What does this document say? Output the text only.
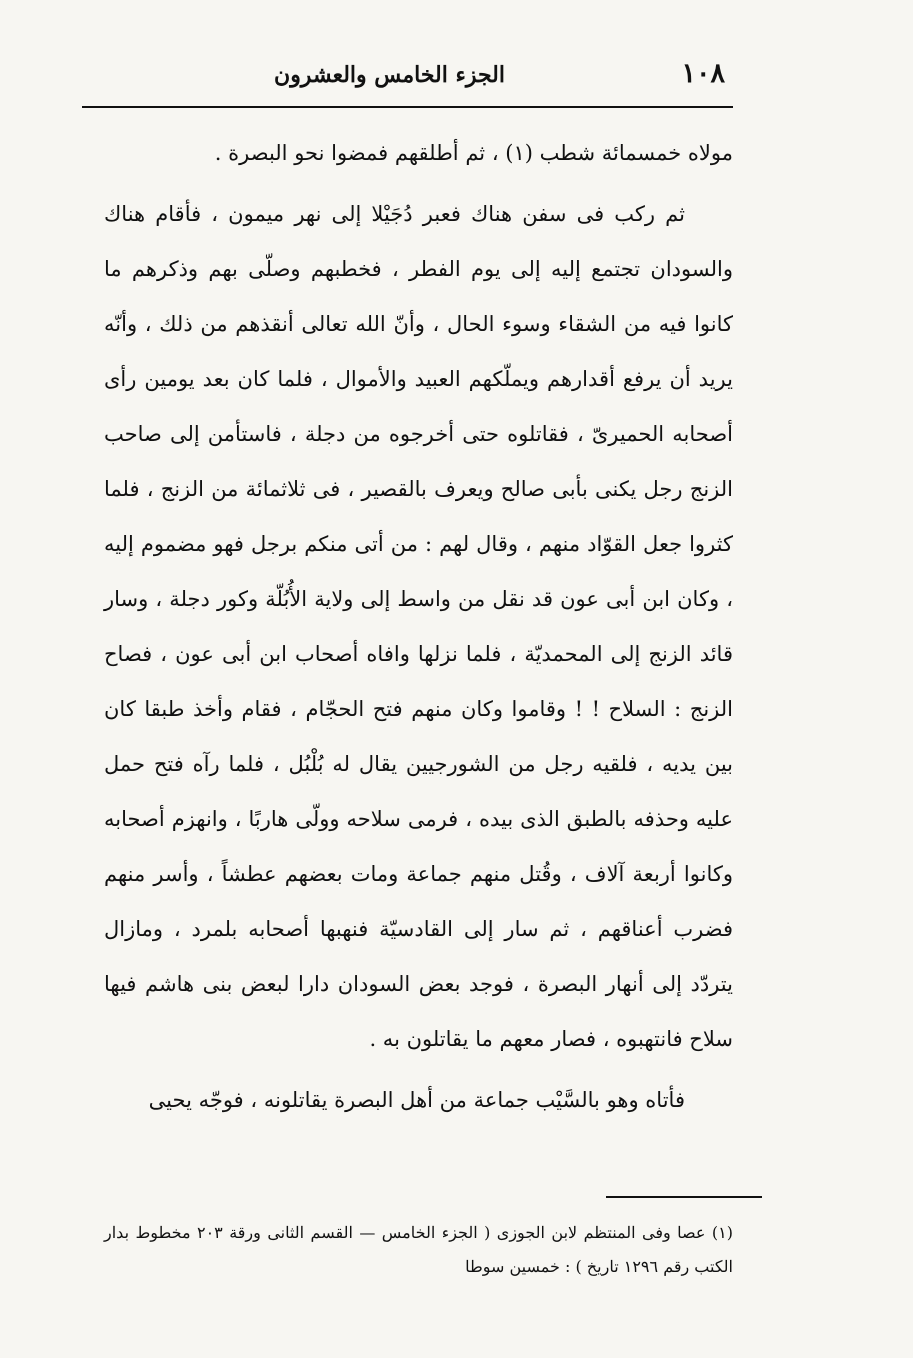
١٠٨
الجزء الخامس والعشرون

مولاه خمسمائة شطب (١) ، ثم أطلقهم فمضوا نحو البصرة .

ثم ركب فى سفن هناك فعبر دُجَيْلا إلى نهر ميمون ، فأقام هناك والسودان تجتمع إليه إلى يوم الفطر ، فخطبهم وصلّى بهم وذكرهم ما كانوا فيه من الشقاء وسوء الحال ، وأنّ الله تعالى أنقذهم من ذلك ، وأنّه يريد أن يرفع أقدارهم ويملّكهم العبيد والأموال ، فلما كان بعد يومين رأى أصحابه الحميرىّ ، فقاتلوه حتى أخرجوه من دجلة ، فاستأمن إلى صاحب الزنج رجل يكنى بأبى صالح ويعرف بالقصير ، فى ثلاثمائة من الزنج ، فلما كثروا جعل القوّاد منهم ، وقال لهم : من أتى منكم برجل فهو مضموم إليه ، وكان ابن أبى عون قد نقل من واسط إلى ولاية الأُبُلّة وكور دجلة ، وسار قائد الزنج إلى المحمديّة ، فلما نزلها وافاه أصحاب ابن أبى عون ، فصاح الزنج : السلاح ! ! وقاموا وكان منهم فتح الحجّام ، فقام وأخذ طبقا كان بين يديه ، فلقيه رجل من الشورجيين يقال له بُلْبُل ، فلما رآه فتح حمل عليه وحذفه بالطبق الذى بيده ، فرمى سلاحه وولّى هاربًا ، وانهزم أصحابه وكانوا أربعة آلاف ، وقُتل منهم جماعة ومات بعضهم عطشاً ، وأسر منهم فضرب أعناقهم ، ثم سار إلى القادسيّة فنهبها أصحابه بلمرد ، ومازال يتردّد إلى أنهار البصرة ، فوجد بعض السودان دارا لبعض بنى هاشم فيها سلاح فانتهبوه ، فصار معهم ما يقاتلون به .

فأتاه وهو بالسَّيْب جماعة من أهل البصرة يقاتلونه ، فوجّه يحيى

(١) عصا وفى المنتظم لابن الجوزى ( الجزء الخامس — القسم الثانى ورقة ٢٠٣ مخطوط بدار الكتب رقم ١٢٩٦ تاريخ ) : خمسين سوطا
